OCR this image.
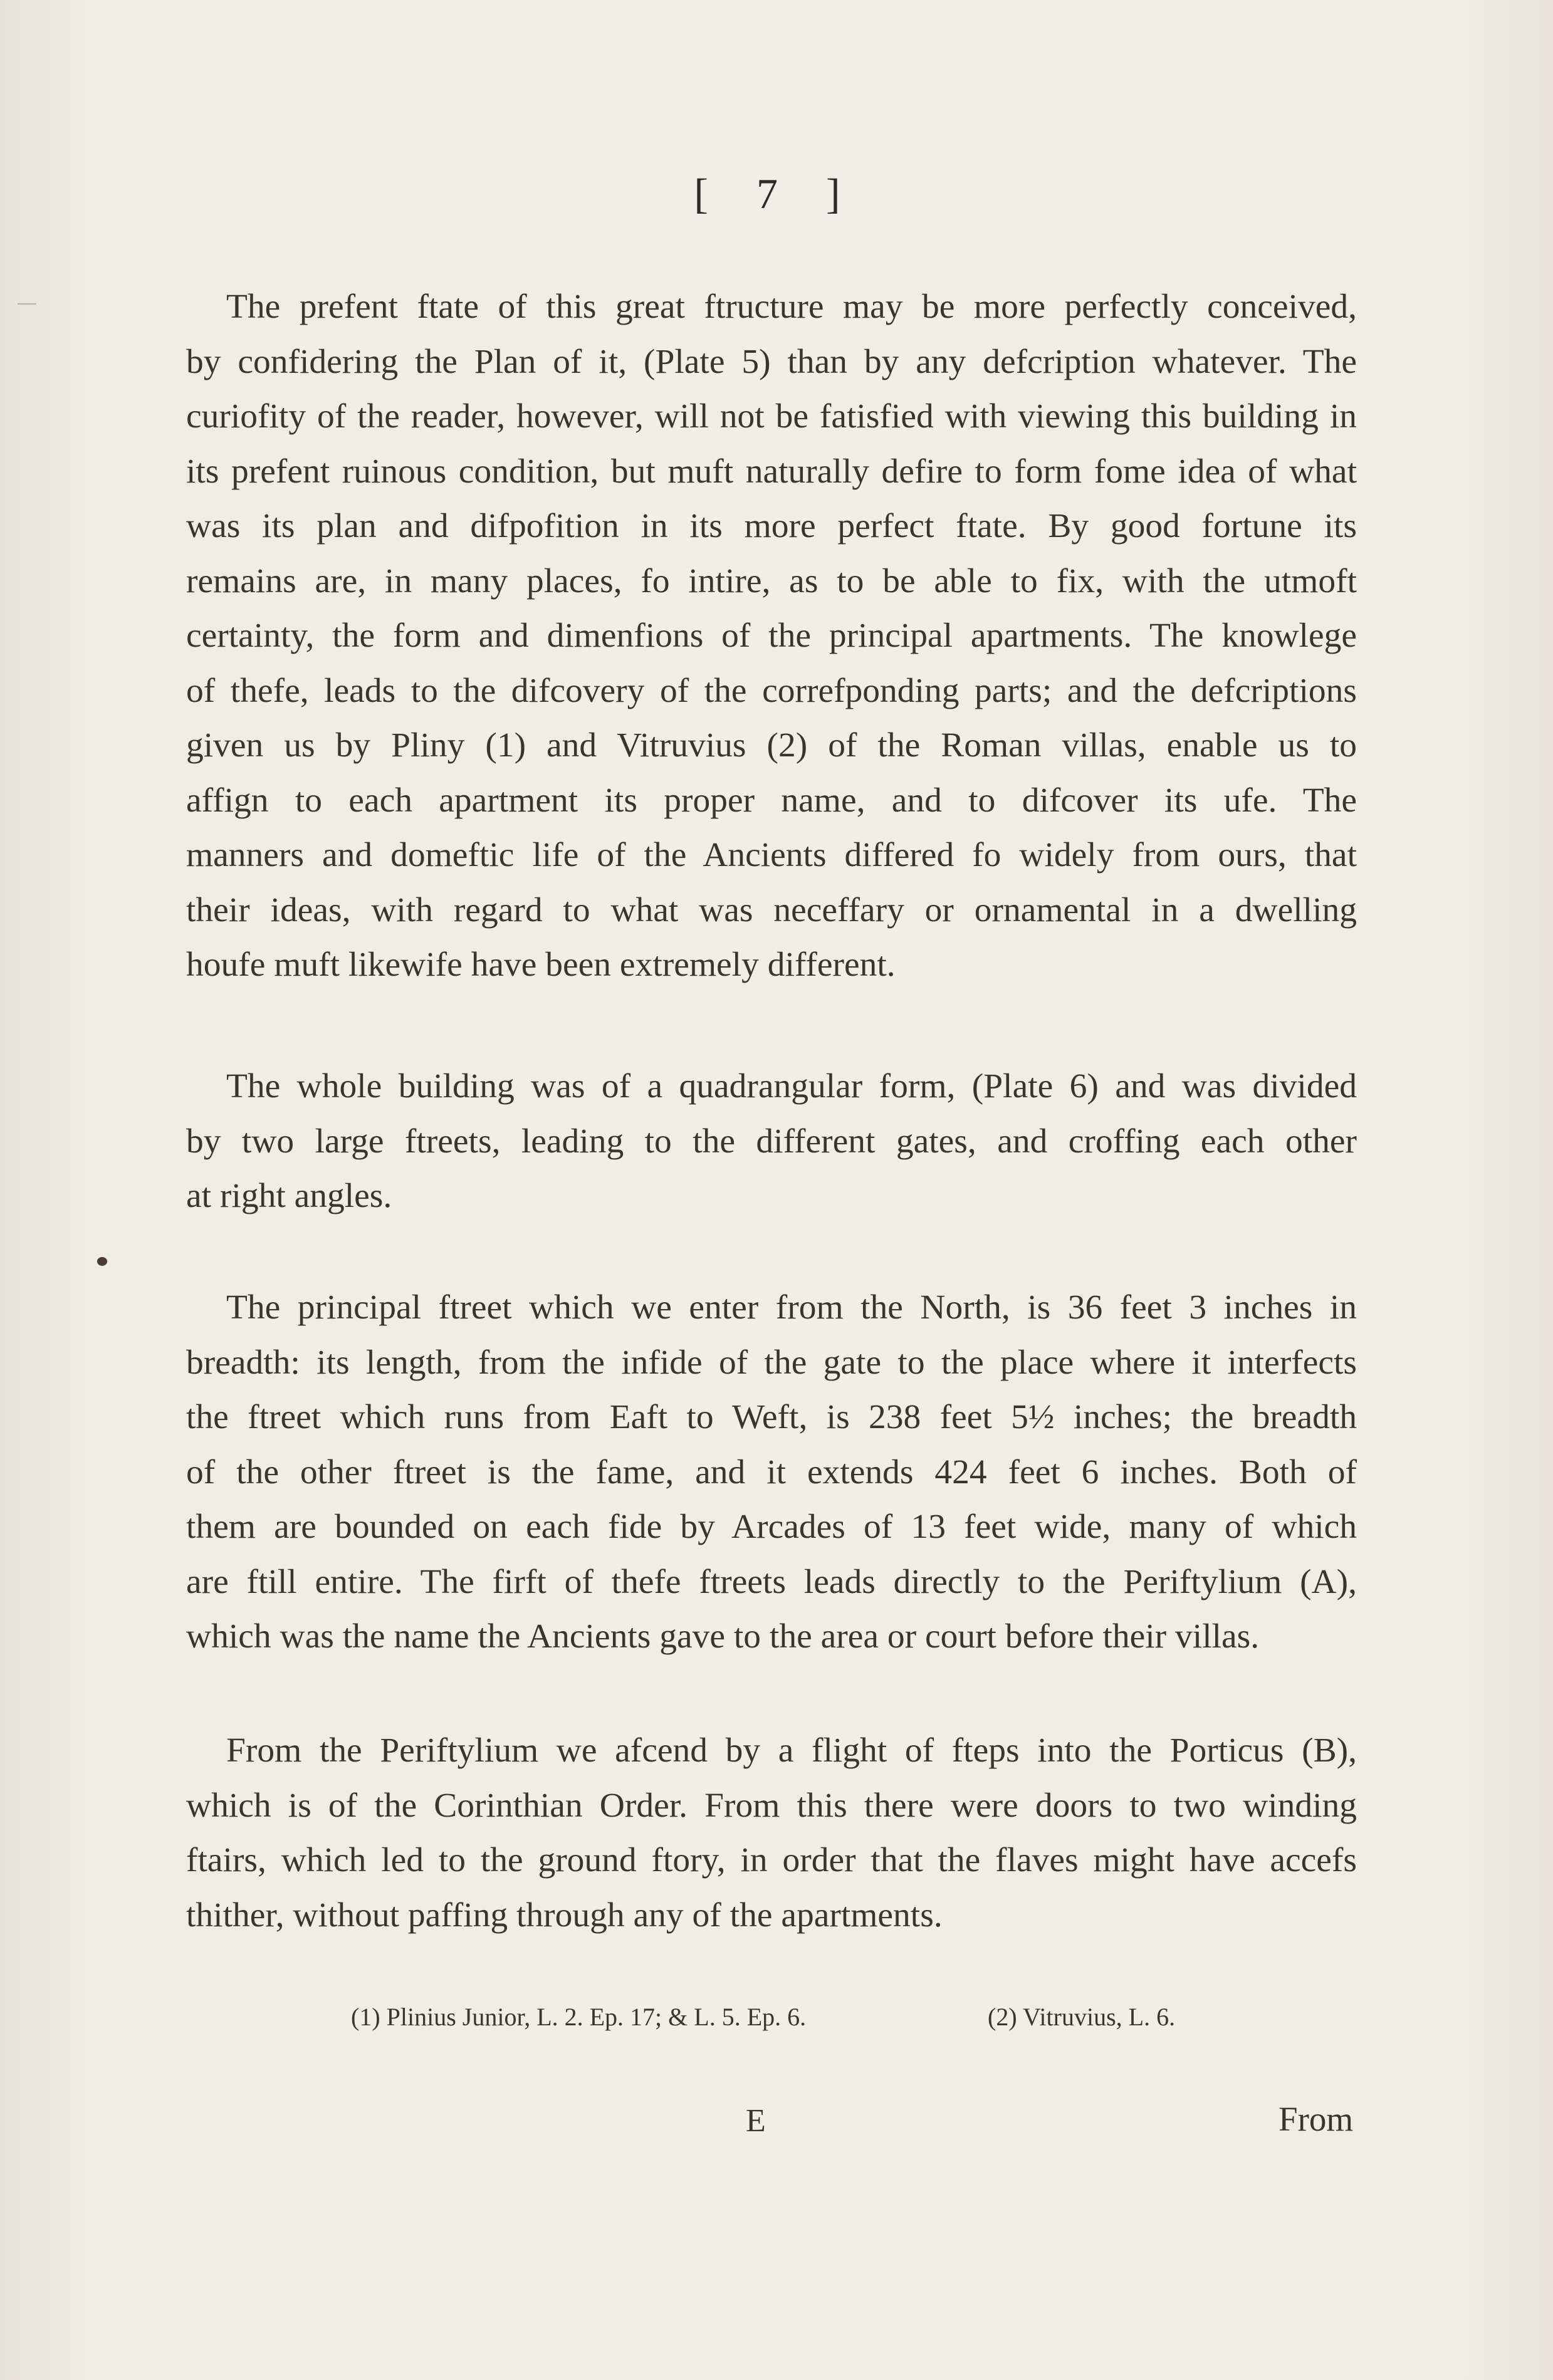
[ 7 ]
The prefent ftate of this great ftructure may be more perfectly conceived,
by confidering the Plan of it, (Plate 5) than by any defcription whatever. The
curiofity of the reader, however, will not be fatisfied with viewing this building in
its prefent ruinous condition, but muft naturally defire to form fome idea of what
was its plan and difpofition in its more perfect ftate. By good fortune its
remains are, in many places, fo intire, as to be able to fix, with the utmoft
certainty, the form and dimenfions of the principal apartments. The knowlege
of thefe, leads to the difcovery of the correfponding parts; and the defcriptions
given us by Pliny (1) and Vitruvius (2) of the Roman villas, enable us to
affign to each apartment its proper name, and to difcover its ufe. The
manners and domeftic life of the Ancients differed fo widely from ours, that
their ideas, with regard to what was neceffary or ornamental in a dwelling
houfe muft likewife have been extremely different.
The whole building was of a quadrangular form, (Plate 6) and was divided
by two large ftreets, leading to the different gates, and croffing each other
at right angles.
The principal ftreet which we enter from the North, is 36 feet 3 inches in
breadth: its length, from the infide of the gate to the place where it interfects
the ftreet which runs from Eaft to Weft, is 238 feet 5½ inches; the breadth
of the other ftreet is the fame, and it extends 424 feet 6 inches. Both of
them are bounded on each fide by Arcades of 13 feet wide, many of which
are ftill entire. The firft of thefe ftreets leads directly to the Periftylium (A),
which was the name the Ancients gave to the area or court before their villas.
From the Periftylium we afcend by a flight of fteps into the Porticus (B),
which is of the Corinthian Order. From this there were doors to two winding
ftairs, which led to the ground ftory, in order that the flaves might have accefs
thither, without paffing through any of the apartments.
(1) Plinius Junior, L. 2. Ep. 17; & L. 5. Ep. 6.	(2) Vitruvius, L. 6.
E	From
